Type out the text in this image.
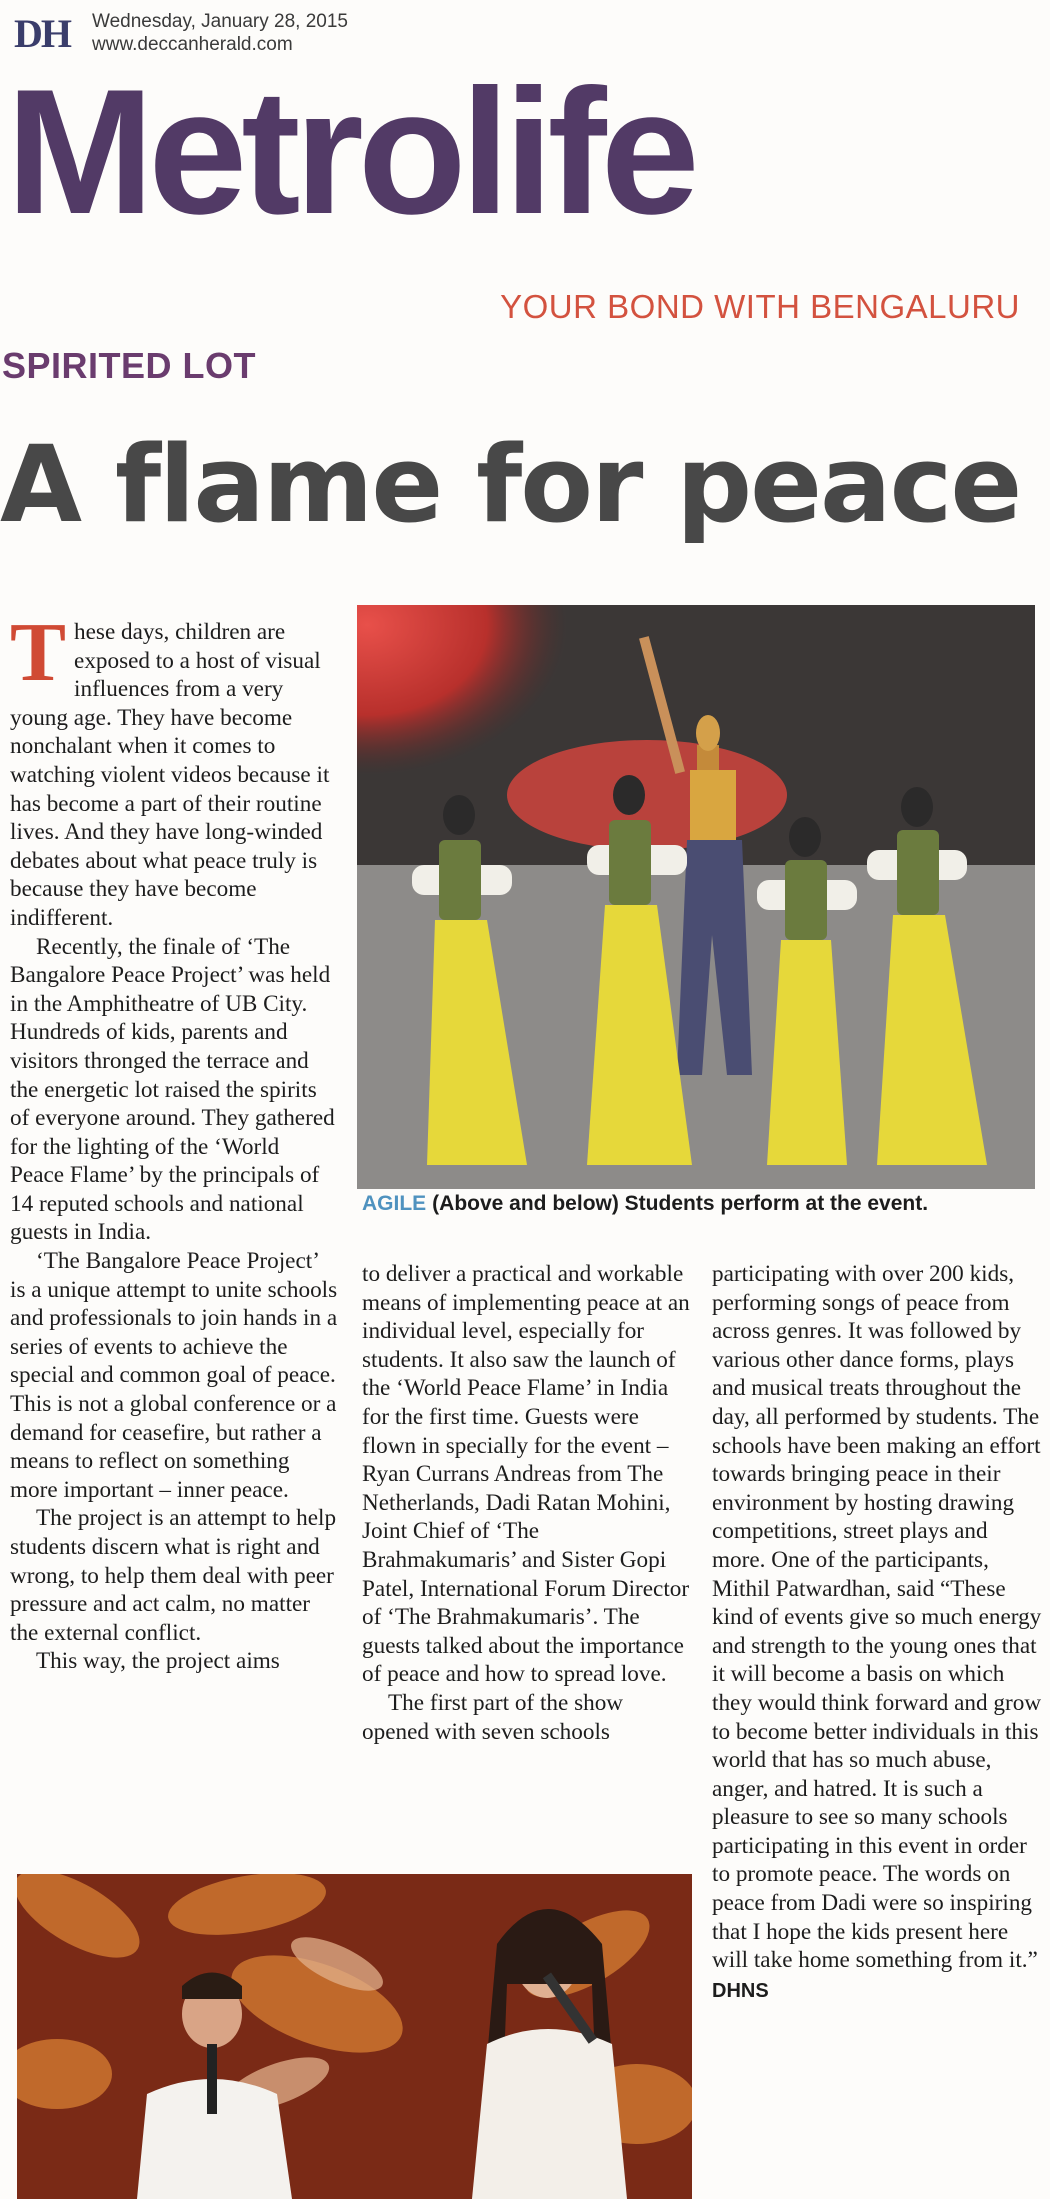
DH Wednesday, January 28, 2015
www.deccanherald.com
Metrolife
YOUR BOND WITH BENGALURU
SPIRITED LOT
A flame for peace

These days, children are exposed to a host of visual influences from a very young age. They have become nonchalant when it comes to watching violent videos because it has become a part of their routine lives. And they have long-winded debates about what peace truly is because they have become indifferent.

Recently, the finale of ‘The Bangalore Peace Project’ was held in the Amphitheatre of UB City. Hundreds of kids, parents and visitors thronged the terrace and the energetic lot raised the spirits of everyone around. They gathered for the lighting of the ‘World Peace Flame’ by the principals of 14 reputed schools and national guests in India.

‘The Bangalore Peace Project’ is a unique attempt to unite schools and professionals to join hands in a series of events to achieve the special and common goal of peace. This is not a global conference or a demand for ceasefire, but rather a means to reflect on something more important – inner peace.

The project is an attempt to help students discern what is right and wrong, to help them deal with peer pressure and act calm, no matter the external conflict.

This way, the project aims

AGILE (Above and below) Students perform at the event.

to deliver a practical and workable means of implementing peace at an individual level, especially for students. It also saw the launch of the ‘World Peace Flame’ in India for the first time. Guests were flown in specially for the event – Ryan Currans Andreas from The Netherlands, Dadi Ratan Mohini, Joint Chief of ‘The Brahmakumaris’ and Sister Gopi Patel, International Forum Director of ‘The Brahmakumaris’. The guests talked about the importance of peace and how to spread love.

The first part of the show opened with seven schools

participating with over 200 kids, performing songs of peace from across genres. It was followed by various other dance forms, plays and musical treats throughout the day, all performed by students. The schools have been making an effort towards bringing peace in their environment by hosting drawing competitions, street plays and more. One of the participants, Mithil Patwardhan, said “These kind of events give so much energy and strength to the young ones that it will become a basis on which they would think forward and grow to become better individuals in this world that has so much abuse, anger, and hatred. It is such a pleasure to see so many schools participating in this event in order to promote peace. The words on peace from Dadi were so inspiring that I hope the kids present here will take home something from it.”

DHNS
